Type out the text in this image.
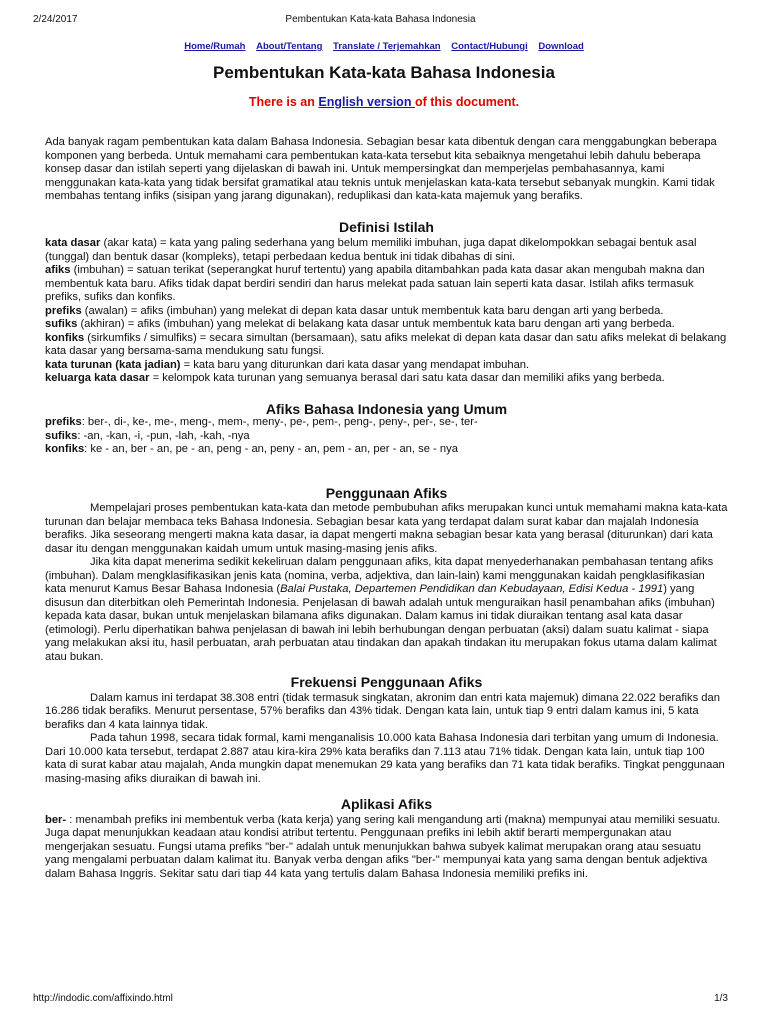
2/24/2017	Pembentukan Kata-kata Bahasa Indonesia
Home/Rumah About/Tentang Translate / Terjemahkan Contact/Hubungi Download
Pembentukan Kata-kata Bahasa Indonesia
There is an English version of this document.

Ada banyak ragam pembentukan kata dalam Bahasa Indonesia. Sebagian besar kata dibentuk dengan cara menggabungkan beberapa komponen yang berbeda. Untuk memahami cara pembentukan kata-kata tersebut kita sebaiknya mengetahui lebih dahulu beberapa konsep dasar dan istilah seperti yang dijelaskan di bawah ini. Untuk mempersingkat dan memperjelas pembahasannya, kami menggunakan kata-kata yang tidak bersifat gramatikal atau teknis untuk menjelaskan kata-kata tersebut sebanyak mungkin. Kami tidak membahas tentang infiks (sisipan yang jarang digunakan), reduplikasi dan kata-kata majemuk yang berafiks.

Definisi Istilah

kata dasar (akar kata) = kata yang paling sederhana yang belum memiliki imbuhan, juga dapat dikelompokkan sebagai bentuk asal (tunggal) dan bentuk dasar (kompleks), tetapi perbedaan kedua bentuk ini tidak dibahas di sini.

afiks (imbuhan) = satuan terikat (seperangkat huruf tertentu) yang apabila ditambahkan pada kata dasar akan mengubah makna dan membentuk kata baru. Afiks tidak dapat berdiri sendiri dan harus melekat pada satuan lain seperti kata dasar. Istilah afiks termasuk prefiks, sufiks dan konfiks.

prefiks (awalan) = afiks (imbuhan) yang melekat di depan kata dasar untuk membentuk kata baru dengan arti yang berbeda.

sufiks (akhiran) = afiks (imbuhan) yang melekat di belakang kata dasar untuk membentuk kata baru dengan arti yang berbeda.

konfiks (sirkumfiks / simulfiks) = secara simultan (bersamaan), satu afiks melekat di depan kata dasar dan satu afiks melekat di belakang kata dasar yang bersama-sama mendukung satu fungsi.

kata turunan (kata jadian) = kata baru yang diturunkan dari kata dasar yang mendapat imbuhan.

keluarga kata dasar = kelompok kata turunan yang semuanya berasal dari satu kata dasar dan memiliki afiks yang berbeda.

Afiks Bahasa Indonesia yang Umum

prefiks: ber-, di-, ke-, me-, meng-, mem-, meny-, pe-, pem-, peng-, peny-, per-, se-, ter-

sufiks: -an, -kan, -i, -pun, -lah, -kah, -nya

konfiks: ke - an, ber - an, pe - an, peng - an, peny - an, pem - an, per - an, se - nya

Penggunaan Afiks

Mempelajari proses pembentukan kata-kata dan metode pembubuhan afiks merupakan kunci untuk memahami makna kata-kata turunan dan belajar membaca teks Bahasa Indonesia. Sebagian besar kata yang terdapat dalam surat kabar dan majalah Indonesia berafiks. Jika seseorang mengerti makna kata dasar, ia dapat mengerti makna sebagian besar kata yang berasal (diturunkan) dari kata dasar itu dengan menggunakan kaidah umum untuk masing-masing jenis afiks.

Jika kita dapat menerima sedikit kekeliruan dalam penggunaan afiks, kita dapat menyederhanakan pembahasan tentang afiks (imbuhan). Dalam mengklasifikasikan jenis kata (nomina, verba, adjektiva, dan lain-lain) kami menggunakan kaidah pengklasifikasian kata menurut Kamus Besar Bahasa Indonesia (Balai Pustaka, Departemen Pendidikan dan Kebudayaan, Edisi Kedua - 1991) yang disusun dan diterbitkan oleh Pemerintah Indonesia. Penjelasan di bawah adalah untuk menguraikan hasil penambahan afiks (imbuhan) kepada kata dasar, bukan untuk menjelaskan bilamana afiks digunakan. Dalam kamus ini tidak diuraikan tentang asal kata dasar (etimologi). Perlu diperhatikan bahwa penjelasan di bawah ini lebih berhubungan dengan perbuatan (aksi) dalam suatu kalimat - siapa yang melakukan aksi itu, hasil perbuatan, arah perbuatan atau tindakan dan apakah tindakan itu merupakan fokus utama dalam kalimat atau bukan.

Frekuensi Penggunaan Afiks

Dalam kamus ini terdapat 38.308 entri (tidak termasuk singkatan, akronim dan entri kata majemuk) dimana 22.022 berafiks dan 16.286 tidak berafiks. Menurut persentase, 57% berafiks dan 43% tidak. Dengan kata lain, untuk tiap 9 entri dalam kamus ini, 5 kata berafiks dan 4 kata lainnya tidak.

Pada tahun 1998, secara tidak formal, kami menganalisis 10.000 kata Bahasa Indonesia dari terbitan yang umum di Indonesia. Dari 10.000 kata tersebut, terdapat 2.887 atau kira-kira 29% kata berafiks dan 7.113 atau 71% tidak. Dengan kata lain, untuk tiap 100 kata di surat kabar atau majalah, Anda mungkin dapat menemukan 29 kata yang berafiks dan 71 kata tidak berafiks. Tingkat penggunaan masing-masing afiks diuraikan di bawah ini.

Aplikasi Afiks

ber- : menambah prefiks ini membentuk verba (kata kerja) yang sering kali mengandung arti (makna) mempunyai atau memiliki sesuatu. Juga dapat menunjukkan keadaan atau kondisi atribut tertentu. Penggunaan prefiks ini lebih aktif berarti mempergunakan atau mengerjakan sesuatu. Fungsi utama prefiks "ber-" adalah untuk menunjukkan bahwa subyek kalimat merupakan orang atau sesuatu yang mengalami perbuatan dalam kalimat itu. Banyak verba dengan afiks "ber-" mempunyai kata yang sama dengan bentuk adjektiva dalam Bahasa Inggris. Sekitar satu dari tiap 44 kata yang tertulis dalam Bahasa Indonesia memiliki prefiks ini.

http://indodic.com/affixindo.html	1/3
